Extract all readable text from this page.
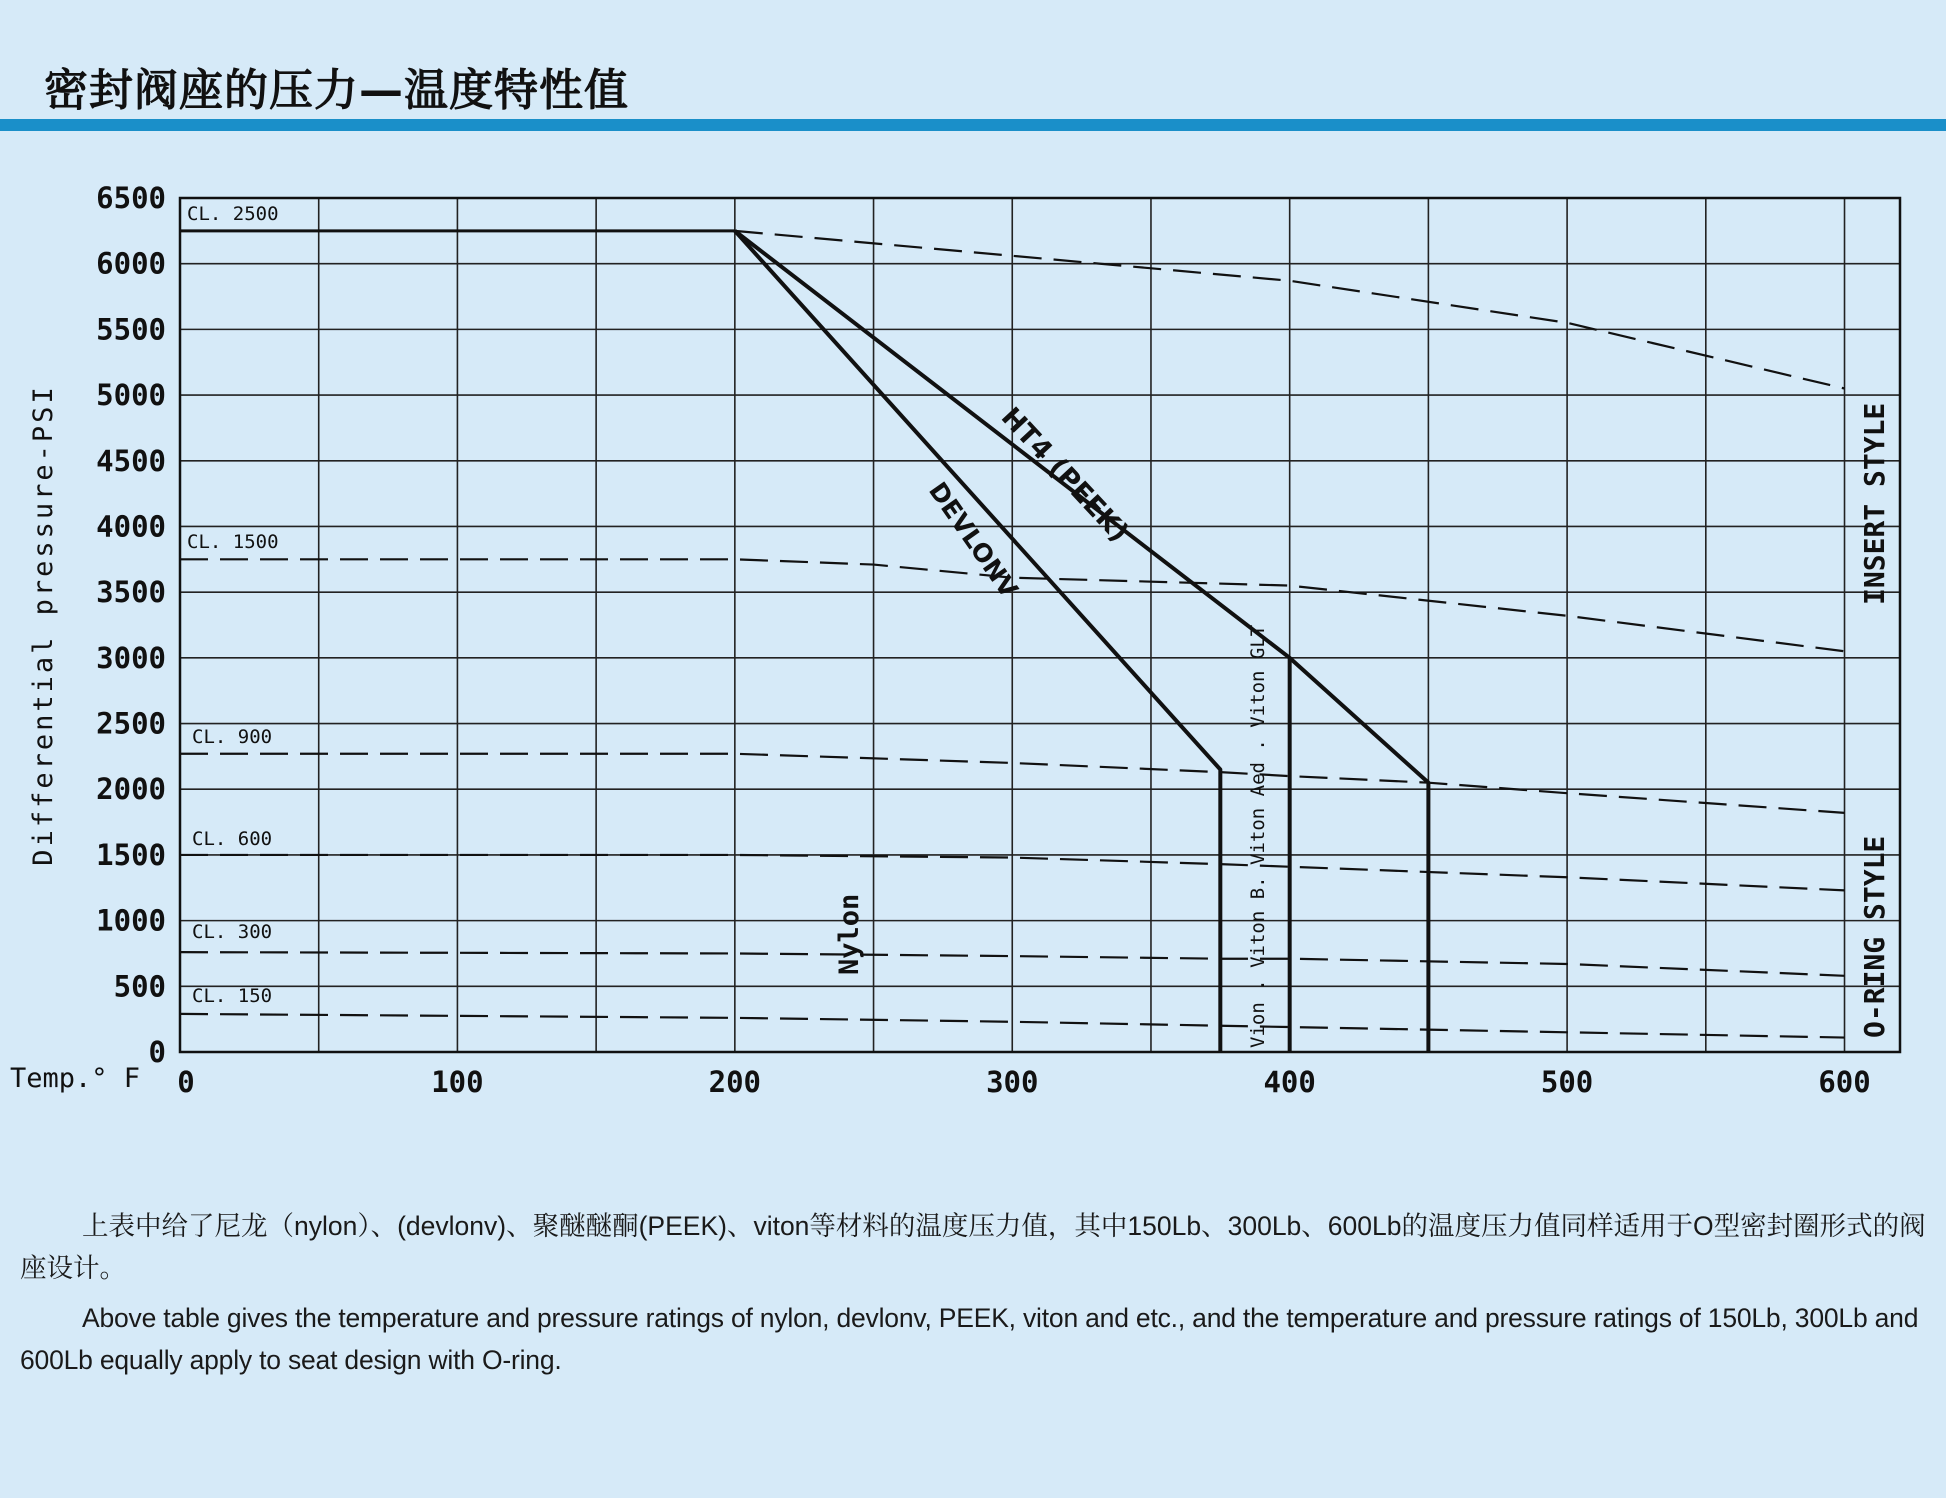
密封阀座的压力—温度特性值
0
500
1000
1500
2000
2500
3000
3500
4000
4500
5000
5500
6000
6500
0	100	200	300	400	500	600
Differential pressure-PSI
Temp.° F
CL. 2500
CL. 1500
CL. 900
CL. 600
CL. 300
CL. 150
HT4 (PEEK)
DEVLONV
Nylon	Vion . Viton B. Viton Aed . Viton GLT
INSERT STYLE
O-RING STYLE

上表中给了尼龙（nylon）、(devlonv)、聚醚醚酮(PEEK)、viton等材料的温度压力值，其中150Lb、300Lb、600Lb的温度压力值同样适用于O型密封圈形式的阀座设计。

Above table gives the temperature and pressure ratings of nylon, devlonv, PEEK, viton and etc., and the temperature and pressure ratings of 150Lb, 300Lb and 600Lb equally apply to seat design with O-ring.
